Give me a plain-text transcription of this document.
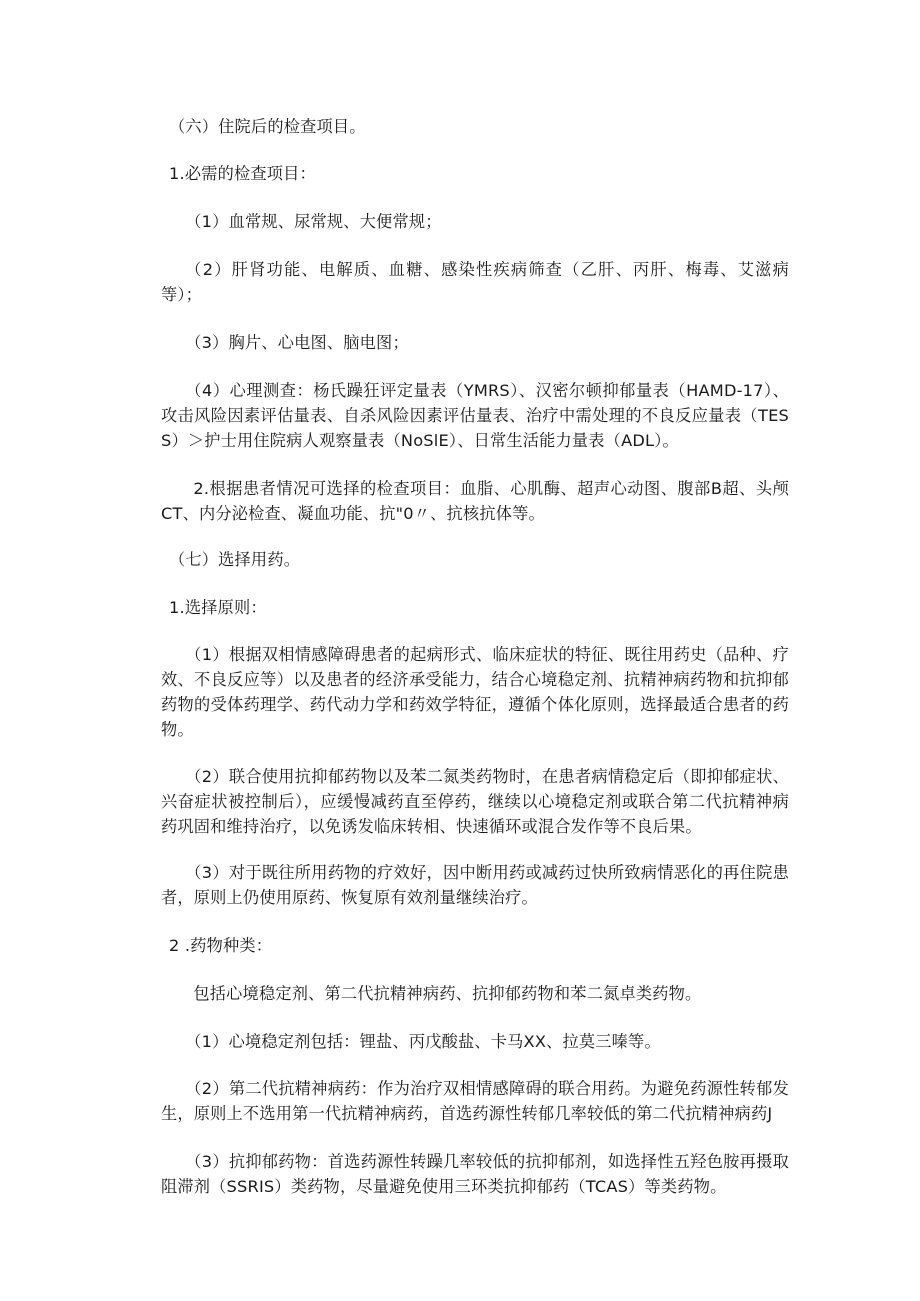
（六）住院后的检查项目。

1.必需的检查项目：

（1）血常规、尿常规、大便常规；

（2）肝肾功能、电解质、血糖、感染性疾病筛查（乙肝、丙肝、梅毒、艾滋病等）；

（3）胸片、心电图、脑电图；

（4）心理测查：杨氏躁狂评定量表（YMRS）、汉密尔顿抑郁量表（HAMD-17）、攻击风险因素评估量表、自杀风险因素评估量表、治疗中需处理的不良反应量表（TESS）＞护士用住院病人观察量表（NoSlE）、日常生活能力量表（ADL）。

2.根据患者情况可选择的检查项目：血脂、心肌酶、超声心动图、腹部B超、头颅CT、内分泌检查、凝血功能、抗"0〃、抗核抗体等。

（七）选择用药。

1.选择原则：

（1）根据双相情感障碍患者的起病形式、临床症状的特征、既往用药史（品种、疗效、不良反应等）以及患者的经济承受能力，结合心境稳定剂、抗精神病药物和抗抑郁药物的受体药理学、药代动力学和药效学特征，遵循个体化原则，选择最适合患者的药物。

（2）联合使用抗抑郁药物以及苯二氮类药物时，在患者病情稳定后（即抑郁症状、兴奋症状被控制后），应缓慢减药直至停药，继续以心境稳定剂或联合第二代抗精神病药巩固和维持治疗，以免诱发临床转相、快速循环或混合发作等不良后果。

（3）对于既往所用药物的疗效好，因中断用药或减药过快所致病情恶化的再住院患者，原则上仍使用原药、恢复原有效剂量继续治疗。

2 .药物种类：

包括心境稳定剂、第二代抗精神病药、抗抑郁药物和苯二氮卓类药物。

（1）心境稳定剂包括：锂盐、丙戊酸盐、卡马XX、拉莫三嗪等。

（2）第二代抗精神病药：作为治疗双相情感障碍的联合用药。为避免药源性转郁发生，原则上不选用第一代抗精神病药，首选药源性转郁几率较低的第二代抗精神病药J

（3）抗抑郁药物：首选药源性转躁几率较低的抗抑郁剂，如选择性五羟色胺再摄取阻滞剂（SSRIS）类药物，尽量避免使用三环类抗抑郁药（TCAS）等类药物。
